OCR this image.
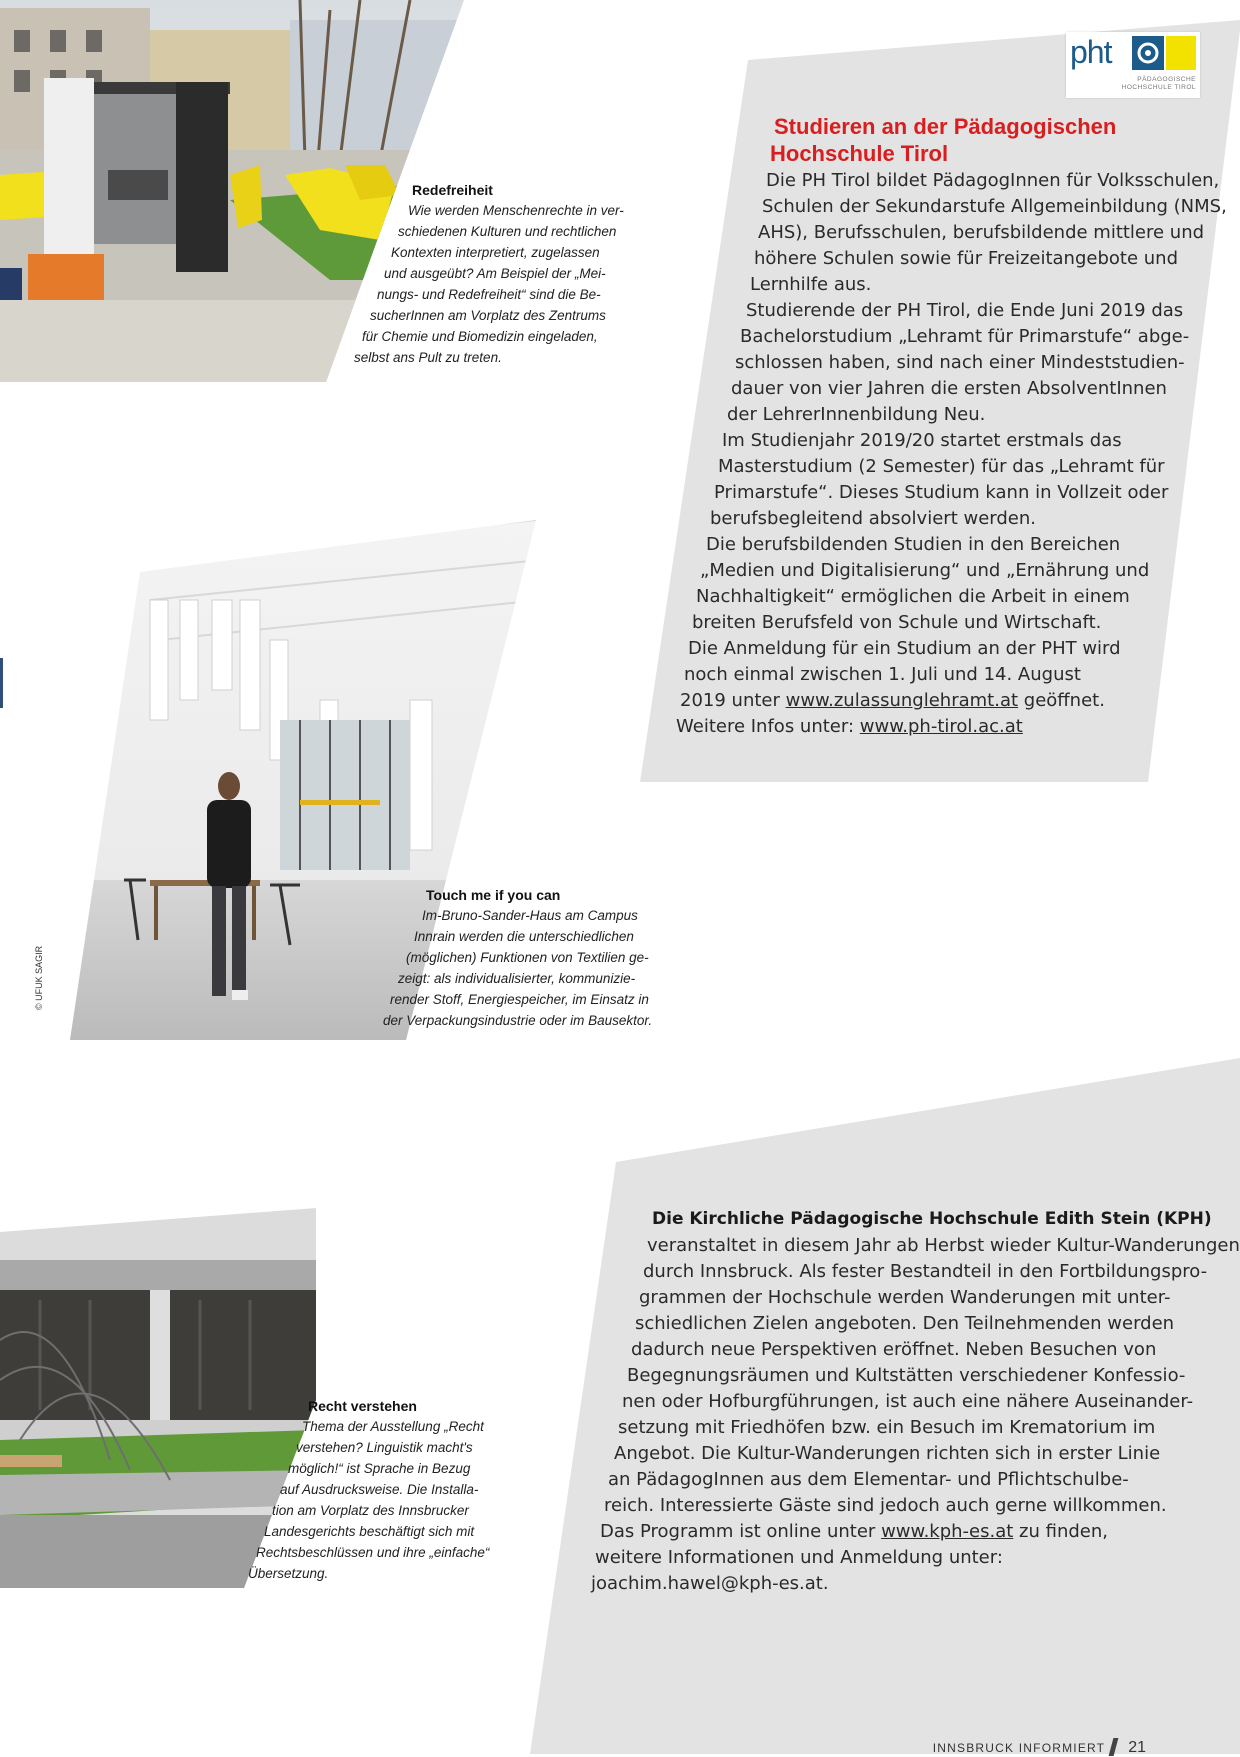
pht
PÄDAGOGISCHE HOCHSCHULE TIROL
Redefreiheit
Wie werden Menschenrechte in ver-
schiedenen Kulturen und rechtlichen
Kontexten interpretiert, zugelassen
und ausgeübt? Am Beispiel der „Mei-
nungs- und Redefreiheit“ sind die Be-
sucherInnen am Vorplatz des Zentrums
für Chemie und Biomedizin eingeladen,
selbst ans Pult zu treten.
Studieren an der Pädagogischen
Hochschule Tirol
Die PH Tirol bildet PädagogInnen für Volksschulen,
Schulen der Sekundarstufe Allgemeinbildung (NMS,
AHS), Berufsschulen, berufsbildende mittlere und
höhere Schulen sowie für Freizeitangebote und
Lernhilfe aus.
Studierende der PH Tirol, die Ende Juni 2019 das
Bachelorstudium „Lehramt für Primarstufe“ abge-
schlossen haben, sind nach einer Mindeststudien-
dauer von vier Jahren die ersten AbsolventInnen
der LehrerInnenbildung Neu.
Im Studienjahr 2019/20 startet erstmals das
Masterstudium (2 Semester) für das „Lehramt für
Primarstufe“. Dieses Studium kann in Vollzeit oder
berufsbegleitend absolviert werden.
Die berufsbildenden Studien in den Bereichen
„Medien und Digitalisierung“ und „Ernährung und
Nachhaltigkeit“ ermöglichen die Arbeit in einem
breiten Berufsfeld von Schule und Wirtschaft.
Die Anmeldung für ein Studium an der PHT wird
noch einmal zwischen 1. Juli und 14. August
2019 unter www.zulassunglehramt.at geöffnet.
Weitere Infos unter: www.ph-tirol.ac.at
Touch me if you can
Im-Bruno-Sander-Haus am Campus
Innrain werden die unterschiedlichen
(möglichen) Funktionen von Textilien ge-
zeigt: als individualisierter, kommunizie-
render Stoff, Energiespeicher, im Einsatz in
der Verpackungsindustrie oder im Bausektor.
© UFUK SAGIR
Recht verstehen
Thema der Ausstellung „Recht
verstehen? Linguistik macht's
möglich!“ ist Sprache in Bezug
auf Ausdrucksweise. Die Installa-
tion am Vorplatz des Innsbrucker
Landesgerichts beschäftigt sich mit
Rechtsbeschlüssen und ihre „einfache“
Übersetzung.
Die Kirchliche Pädagogische Hochschule Edith Stein (KPH)
veranstaltet in diesem Jahr ab Herbst wieder Kultur-Wanderungen
durch Innsbruck. Als fester Bestandteil in den Fortbildungspro-
grammen der Hochschule werden Wanderungen mit unter-
schiedlichen Zielen angeboten. Den Teilnehmenden werden
dadurch neue Perspektiven eröffnet. Neben Besuchen von
Begegnungsräumen und Kultstätten verschiedener Konfessio-
nen oder Hofburgführungen, ist auch eine nähere Auseinander-
setzung mit Friedhöfen bzw. ein Besuch im Krematorium im
Angebot. Die Kultur-Wanderungen richten sich in erster Linie
an PädagogInnen aus dem Elementar- und Pflichtschulbe-
reich. Interessierte Gäste sind jedoch auch gerne willkommen.
Das Programm ist online unter www.kph-es.at zu finden,
weitere Informationen und Anmeldung unter:
joachim.hawel@kph-es.at.
INNSBRUCK INFORMIERT 21
